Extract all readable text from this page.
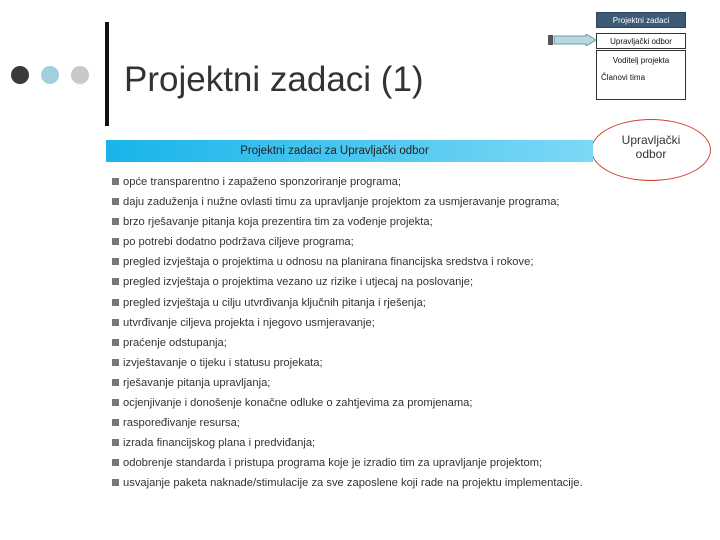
Projektni zadaci (1)
Projektni zadaci
Upravljački odbor
Voditelj projekta
Članovi tima
Upravljački odbor
Projektni zadaci za Upravljački odbor
opće transparentno i zapaženo sponzoriranje programa;
daju zaduženja i nužne ovlasti timu za upravljanje projektom za usmjeravanje programa;
brzo rješavanje pitanja koja prezentira tim za vođenje projekta;
po potrebi dodatno podržava ciljeve programa;
pregled izvještaja o projektima u odnosu na planirana financijska sredstva i rokove;
pregled izvještaja o projektima vezano uz rizike i utjecaj na poslovanje;
pregled izvještaja u cilju utvrđivanja ključnih pitanja i rješenja;
utvrđivanje ciljeva projekta i njegovo usmjeravanje;
praćenje odstupanja;
izvještavanje o tijeku i statusu projekata;
rješavanje pitanja upravljanja;
ocjenjivanje i donošenje konačne odluke o zahtjevima za promjenama;
raspoređivanje resursa;
izrada financijskog plana i predviđanja;
odobrenje standarda i pristupa programa koje je izradio tim za upravljanje projektom;
usvajanje paketa naknade/stimulacije za sve zaposlene koji rade na projektu implementacije.
